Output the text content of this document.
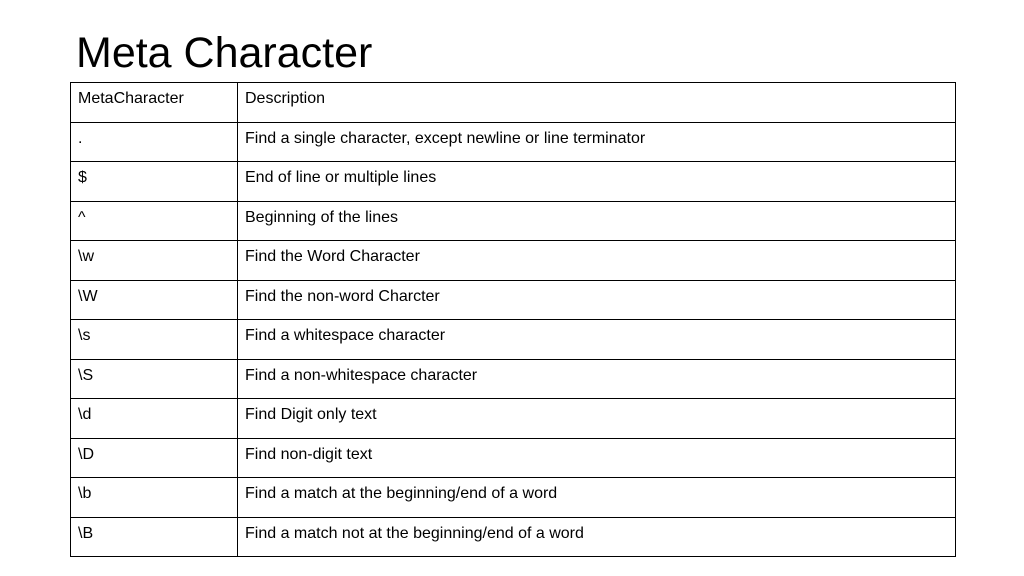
Meta Character
MetaCharacter	Description
.	Find a single character, except newline or line terminator
$	End of line or multiple lines
^	Beginning of the lines
\w	Find the Word Character
\W	Find the non-word Charcter
\s	Find a whitespace character
\S	Find a non-whitespace character
\d	Find Digit only text
\D	Find non-digit text
\b	Find a match at the beginning/end of a word
\B	Find a match not at the beginning/end of a word
